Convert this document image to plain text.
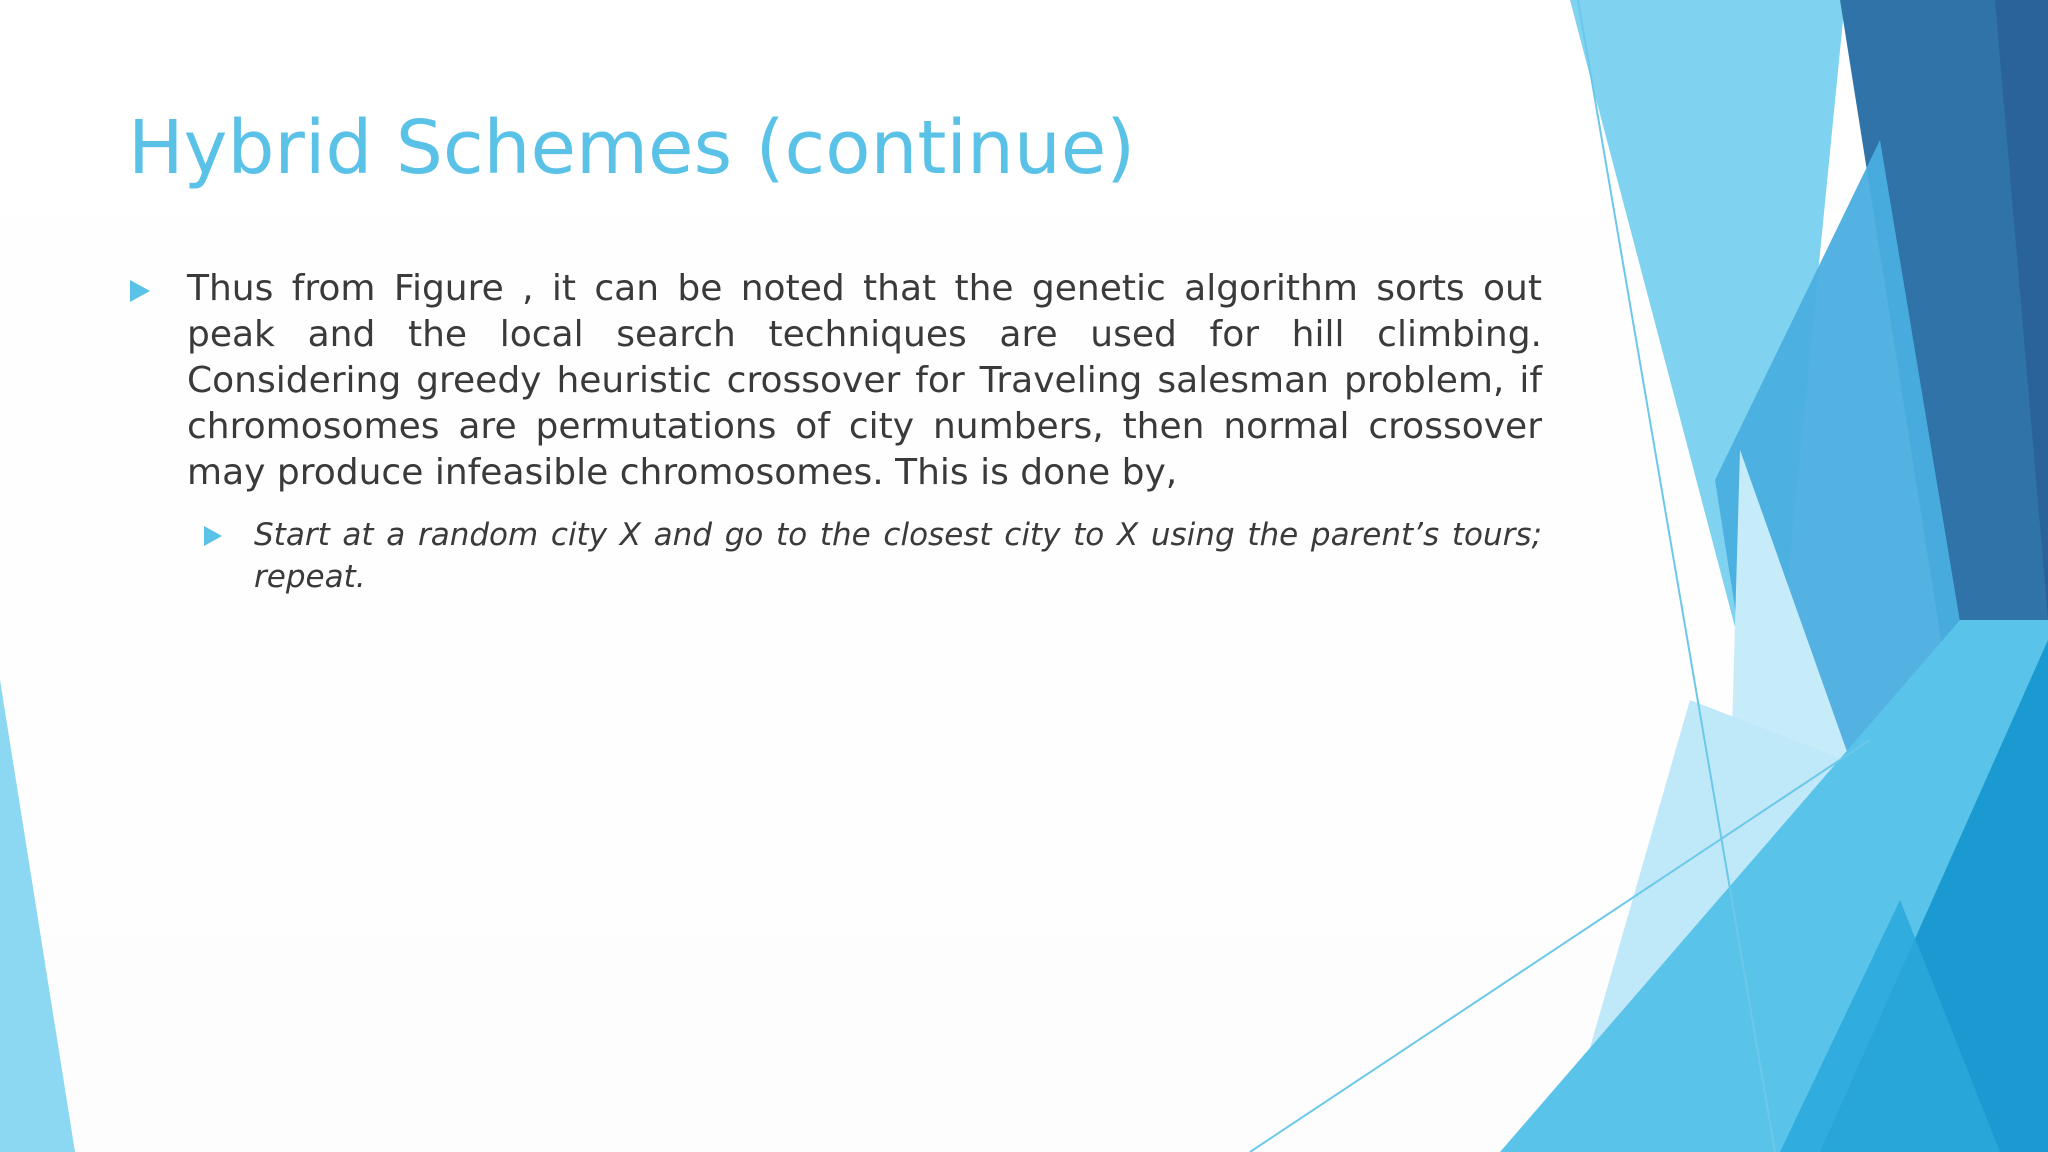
Hybrid Schemes (continue)
Thus from Figure , it can be noted that the genetic algorithm sorts out peak and the local search techniques are used for hill climbing. Considering greedy heuristic crossover for Traveling salesman problem, if chromosomes are permutations of city numbers, then normal crossover may produce infeasible chromosomes. This is done by,
Start at a random city X and go to the closest city to X using the parent’s tours; repeat.
